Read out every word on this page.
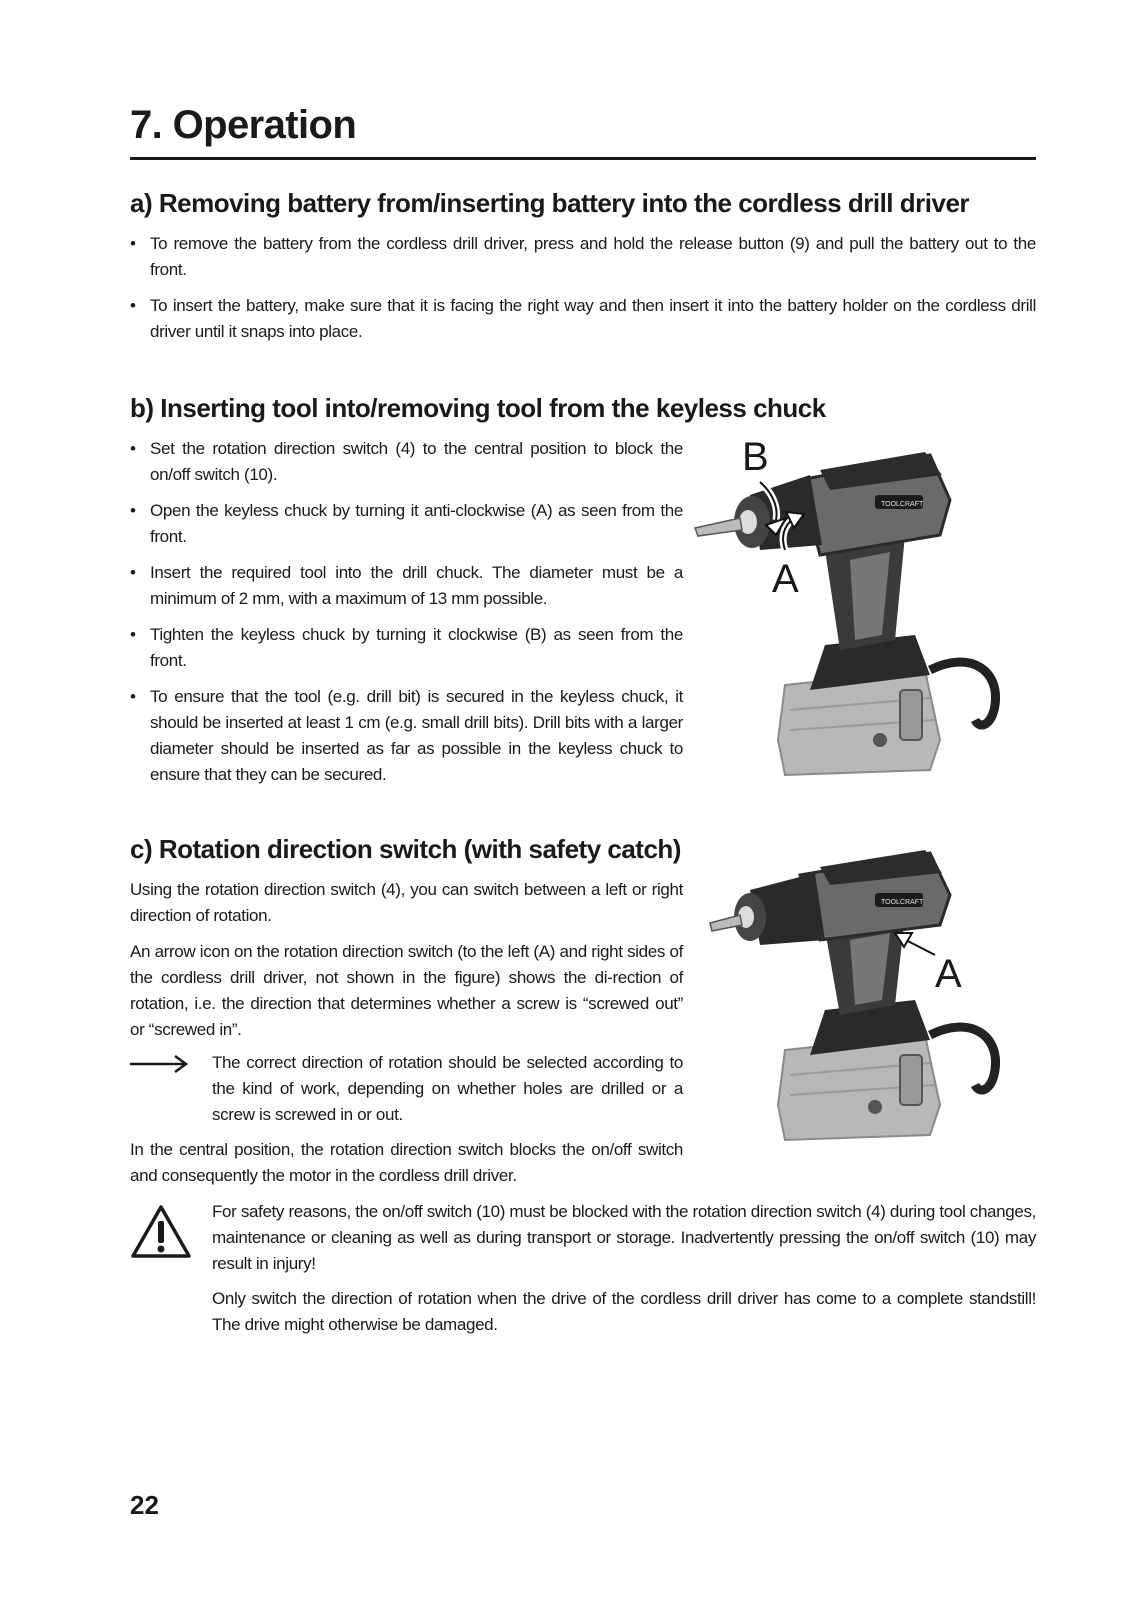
7. Operation
a) Removing battery from/inserting battery into the cordless drill driver
• To remove the battery from the cordless drill driver, press and hold the release button (9) and pull the battery out to the front.
• To insert the battery, make sure that it is facing the right way and then insert it into the battery holder on the cordless drill driver until it snaps into place.
b) Inserting tool into/removing tool from the keyless chuck
• Set the rotation direction switch (4) to the central position to block the on/off switch (10).
• Open the keyless chuck by turning it anti-clockwise (A) as seen from the front.
• Insert the required tool into the drill chuck. The diameter must be a minimum of 2 mm, with a maximum of 13 mm possible.
• Tighten the keyless chuck by turning it clockwise (B) as seen from the front.
• To ensure that the tool (e.g. drill bit) is secured in the keyless chuck, it should be inserted at least 1 cm (e.g. small drill bits). Drill bits with a larger diameter should be inserted as far as possible in the keyless chuck to ensure that they can be secured.
B
A
TOOLCRAFT
c) Rotation direction switch (with safety catch)

Using the rotation direction switch (4), you can switch between a left or right direction of rotation.

An arrow icon on the rotation direction switch (to the left (A) and right sides of the cordless drill driver, not shown in the figure) shows the di-rection of rotation, i.e. the direction that determines whether a screw is “screwed out” or “screwed in”.

The correct direction of rotation should be selected according to the kind of work, depending on whether holes are drilled or a screw is screwed in or out.

In the central position, the rotation direction switch blocks the on/off switch and consequently the motor in the cordless drill driver.

For safety reasons, the on/off switch (10) must be blocked with the rotation direction switch (4) during tool changes, maintenance or cleaning as well as during transport or storage. Inadvertently pressing the on/off switch (10) may result in injury!

Only switch the direction of rotation when the drive of the cordless drill driver has come to a complete standstill! The drive might otherwise be damaged.

A
TOOLCRAFT
22
